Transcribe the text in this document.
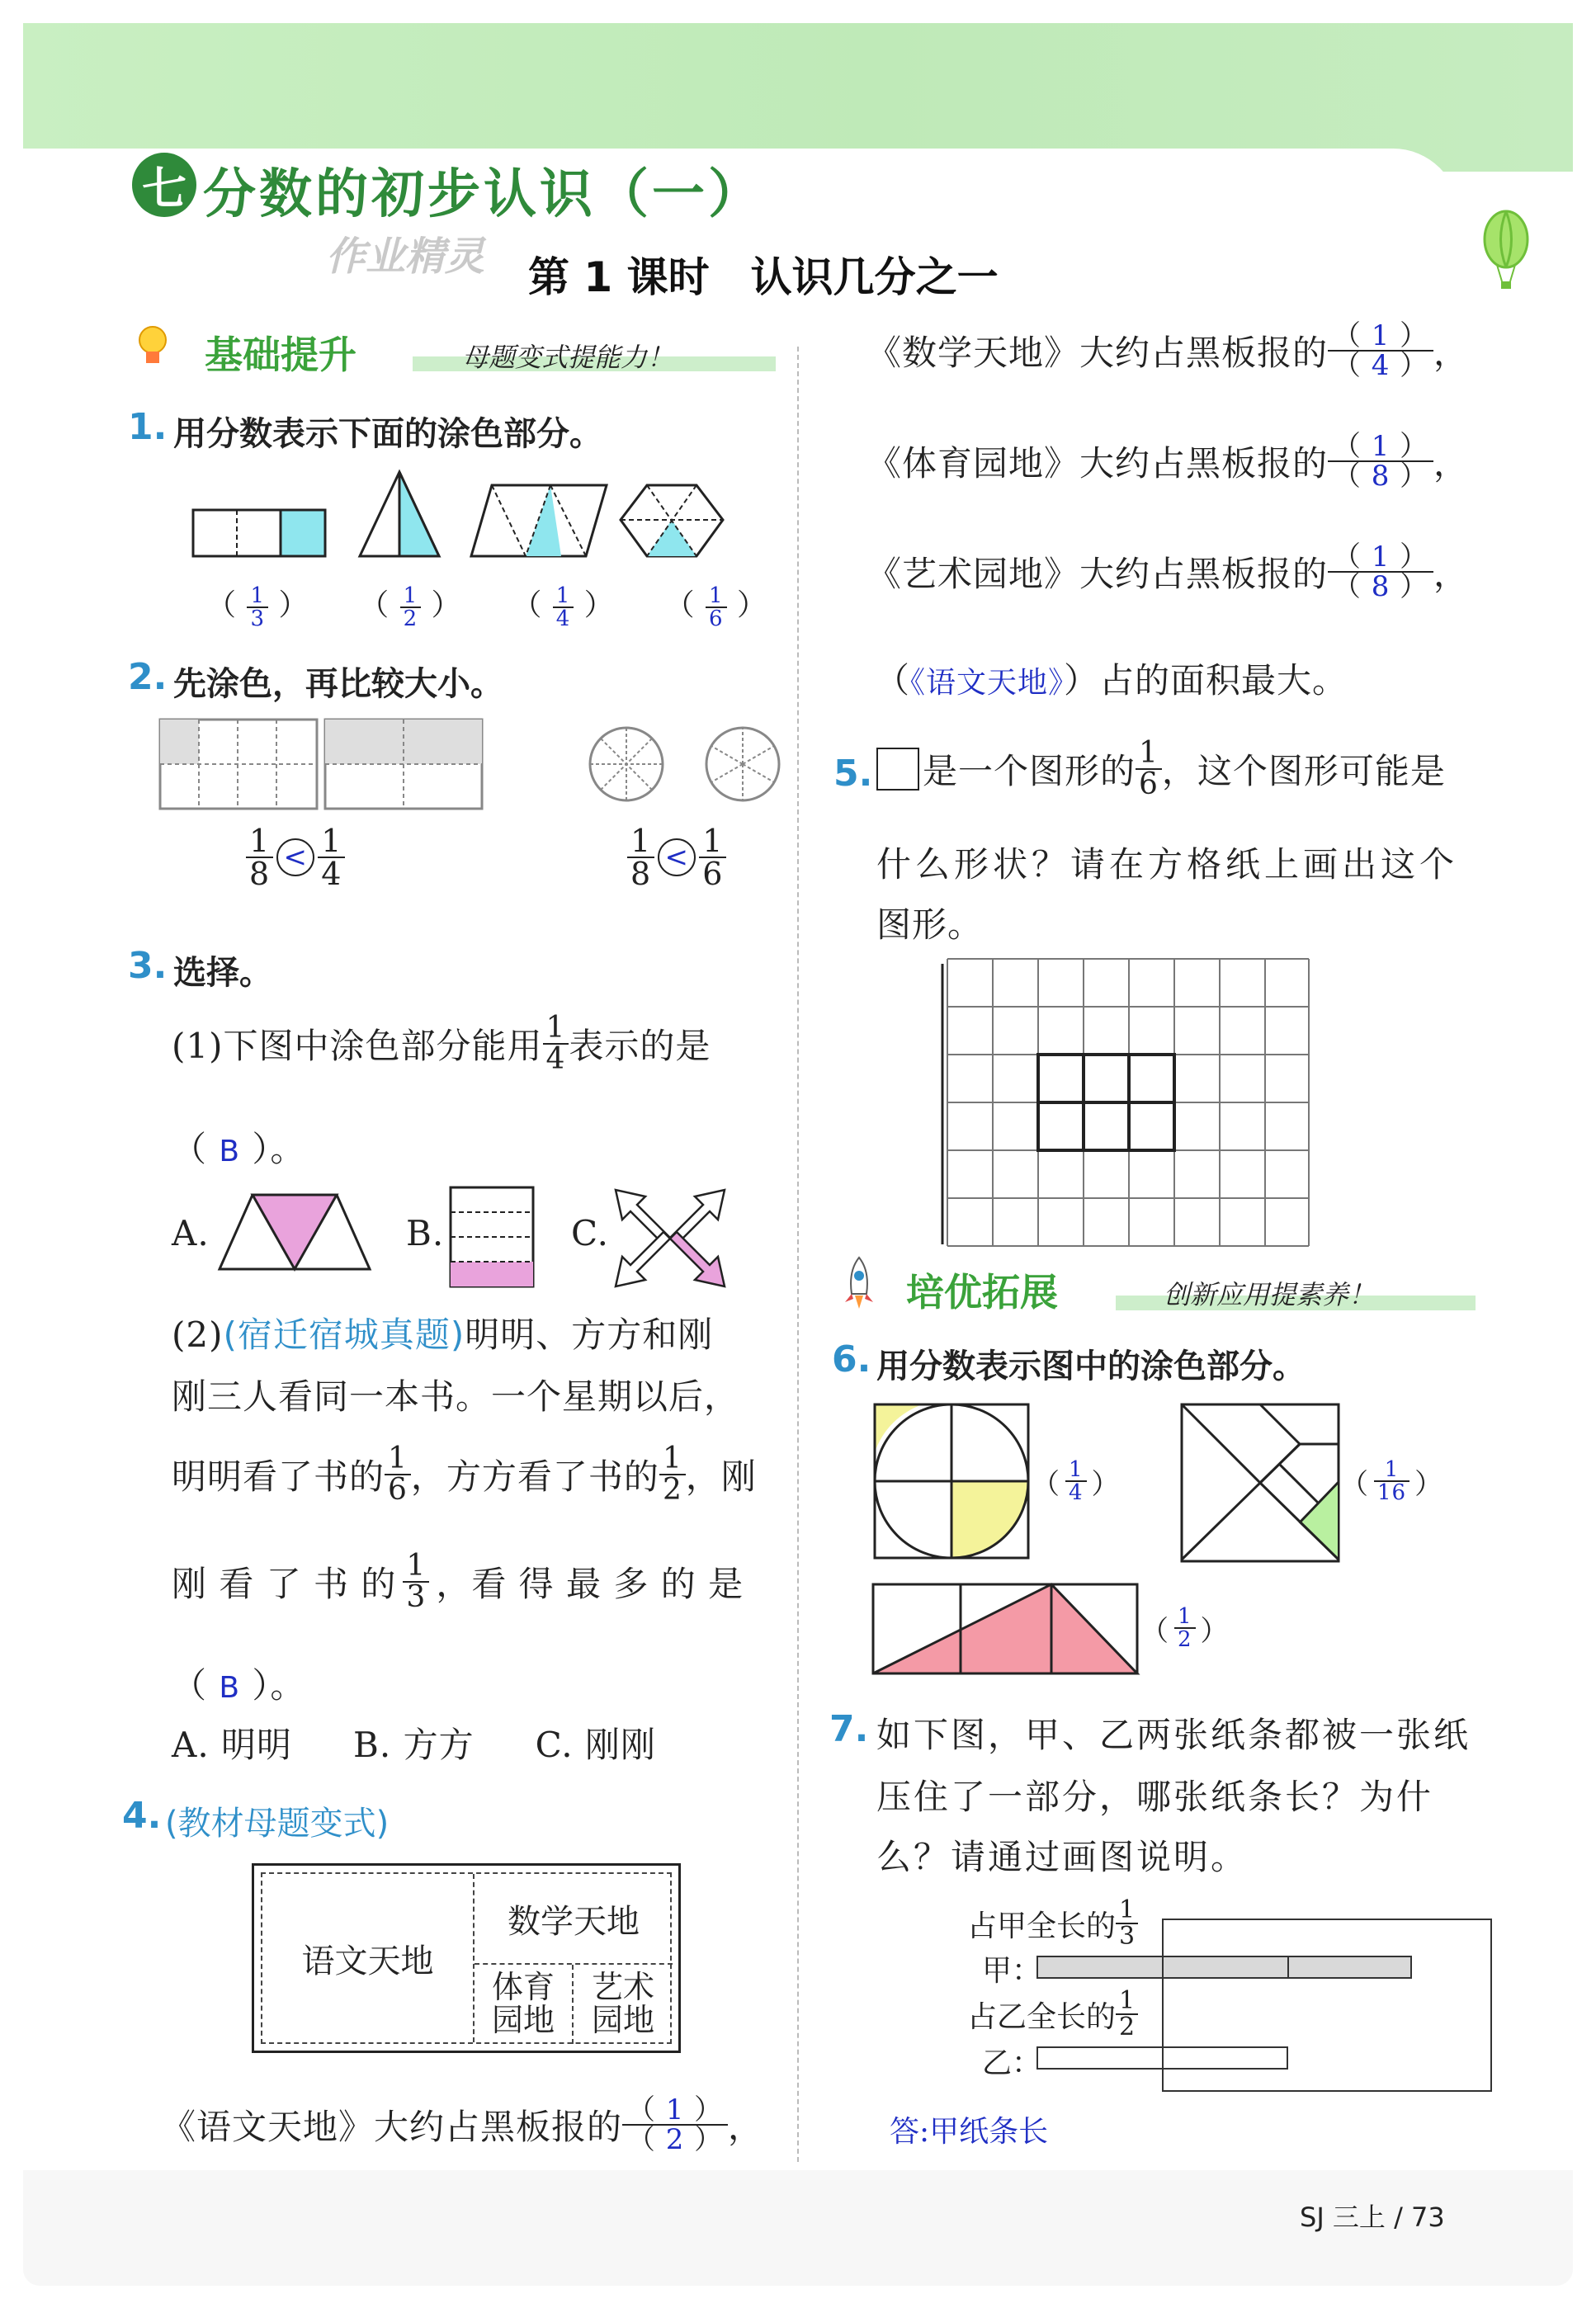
七 分数的初步认识（一）
作业精灵 第 1 课时　认识几分之一
基础提升	母题变式提能力！
1. 用分数表示下面的涂色部分。
（ $\frac{1}{3}$ ） （ $\frac{1}{2}$ ） （ $\frac{1}{4}$ ） （ $\frac{1}{6}$ ）
2. 先涂色，再比较大小。
$\frac{1}{8} < \frac{1}{4}$	$\frac{1}{8} < \frac{1}{6}$
3. 选择。
(1)下图中涂色部分能用 $\frac{1}{4}$ 表示的是
（ B ）。
A.	B.	C.
(2)(宿迁宿城真题)明明、方方和刚
刚三人看同一本书。一个星期以后，
明明看了书的 $\frac{1}{6}$ ，方方看了书的 $\frac{1}{2}$ ，刚
刚 看 了 书 的 $\frac{1}{3}$ ，看 得 最 多 的 是
（ B ）。
A. 明明 B. 方方 C. 刚刚
4. (教材母题变式)
语文天地
数学天地
体育
园地
艺术
园地
《语文天地》大约占黑板报的 $\frac{( 1 )}{( 2 )}$ ，
《数学天地》大约占黑板报的 $\frac{( 1 )}{( 4 )}$ ，
《体育园地》大约占黑板报的 $\frac{( 1 )}{( 8 )}$ ，
《艺术园地》大约占黑板报的 $\frac{( 1 )}{( 8 )}$ ，
（《语文天地》）占的面积最大。
5. 是一个图形的 $\frac{1}{6}$ ，这个图形可能是
什么形状？请在方格纸上画出这个
图形。
培优拓展	创新应用提素养！
6. 用分数表示图中的涂色部分。
（ $\frac{1}{4}$ ）	（ $\frac{1}{16}$ ）
（ $\frac{1}{2}$ ）
7. 如下图，甲、乙两张纸条都被一张纸
压住了一部分，哪张纸条长？为什
么？请通过画图说明。
占甲全长的 $\frac{1}{3}$
甲：
占乙全长的 $\frac{1}{2}$
乙：
答:甲纸条长
SJ 三上 / 73
